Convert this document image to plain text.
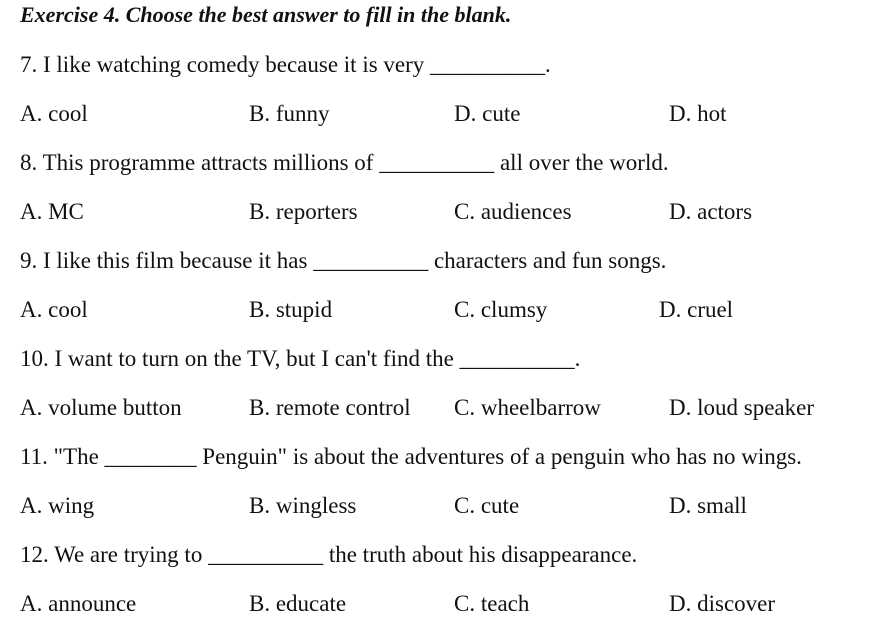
Exercise 4. Choose the best answer to fill in the blank.
7. I like watching comedy because it is very __________.
A. cool	B. funny	D. cute	D. hot
8. This programme attracts millions of __________ all over the world.
A. MC	B. reporters	C. audiences	D. actors
9. I like this film because it has __________ characters and fun songs.
A. cool	B. stupid	C. clumsy	D. cruel
10. I want to turn on the TV, but I can't find the __________.
A. volume button	B. remote control C. wheelbarrow	D. loud speaker
11. "The ________ Penguin" is about the adventures of a penguin who has no wings.
A. wing	B. wingless	C. cute	D. small
12. We are trying to __________ the truth about his disappearance.
A. announce	B. educate	C. teach	D. discover
